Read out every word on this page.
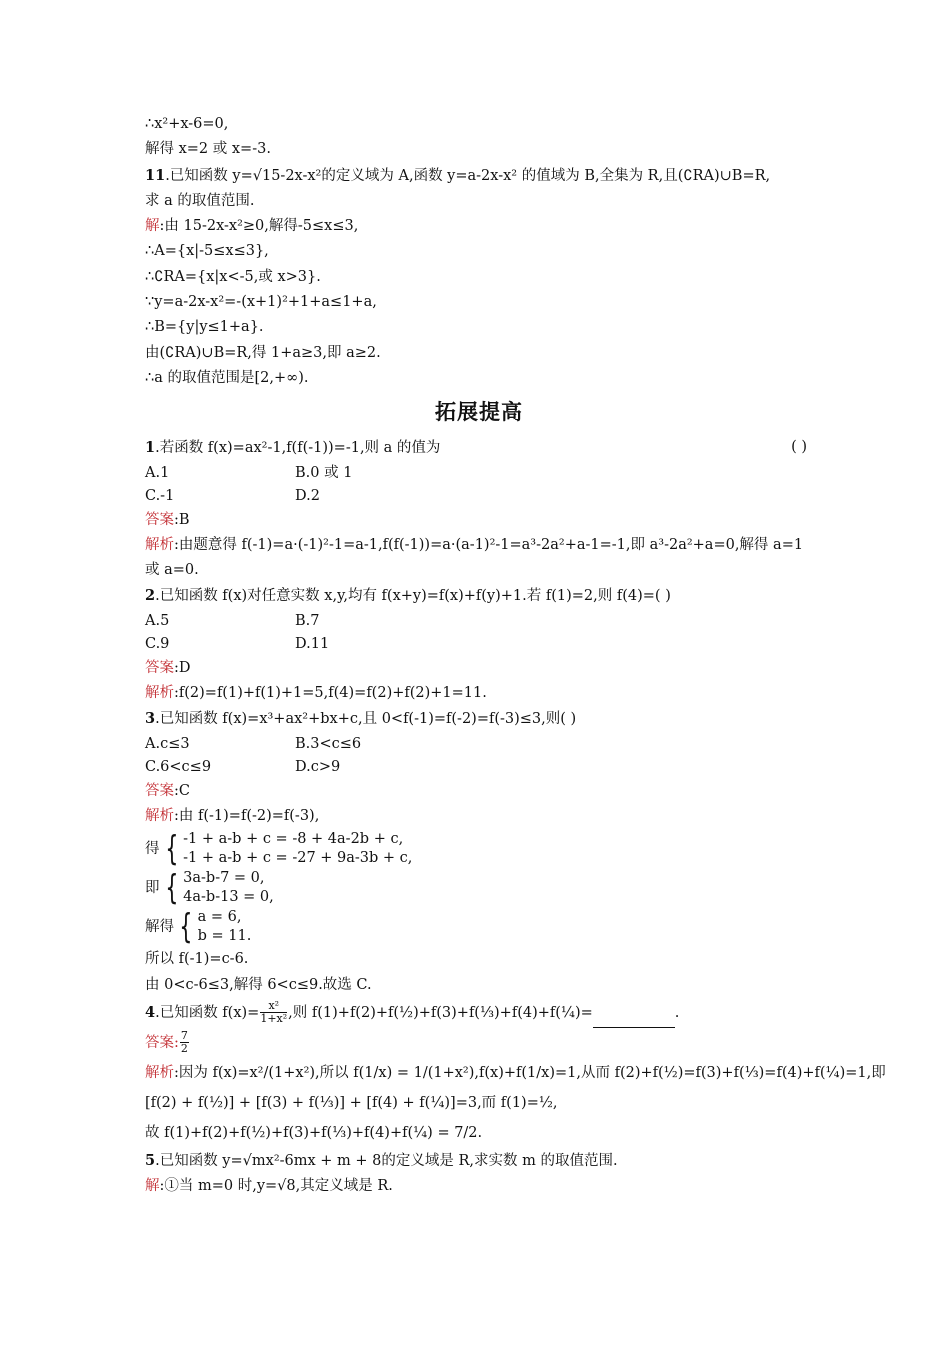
∴x²+x-6=0,
解得 x=2 或 x=-3.
11.已知函数 y=√15-2x-x²的定义域为 A,函数 y=a-2x-x² 的值域为 B,全集为 R,且(∁RA)∪B=R,
求 a 的取值范围.
解:由 15-2x-x²≥0,解得-5≤x≤3,
∴A={x|-5≤x≤3},
∴∁RA={x|x<-5,或 x>3}.
∵y=a-2x-x²=-(x+1)²+1+a≤1+a,
∴B={y|y≤1+a}.
由(∁RA)∪B=R,得 1+a≥3,即 a≥2.
∴a 的取值范围是[2,+∞).
拓展提高
1.若函数 f(x)=ax²-1,f(f(-1))=-1,则 a 的值为	( )
A.1	B.0 或 1
C.-1	D.2
答案:B
解析:由题意得 f(-1)=a·(-1)²-1=a-1,f(f(-1))=a·(a-1)²-1=a³-2a²+a-1=-1,即 a³-2a²+a=0,解得 a=1
或 a=0.
2.已知函数 f(x)对任意实数 x,y,均有 f(x+y)=f(x)+f(y)+1.若 f(1)=2,则 f(4)=( )
A.5	B.7
C.9	D.11
答案:D
解析:f(2)=f(1)+f(1)+1=5,f(4)=f(2)+f(2)+1=11.
3.已知函数 f(x)=x³+ax²+bx+c,且 0<f(-1)=f(-2)=f(-3)≤3,则( )
A.c≤3	B.3<c≤6
C.6<c≤9	D.c>9
答案:C
解析:由 f(-1)=f(-2)=f(-3),
得 { -1 + a-b + c = -8 + 4a-2b + c,
-1 + a-b + c = -27 + 9a-3b + c,
即 { 3a-b-7 = 0,
4a-b-13 = 0,
解得 { a = 6,
b = 11.
所以 f(-1)=c-6.
由 0<c-6≤3,解得 6<c≤9.故选 C.
4.已知函数 $f(x)= \frac{\text{x²}}{\text{1+x²}}$ ,则 f(1)+f(2)+f(½)+f(3)+f(⅓)+f(4)+f(¼)=	.
答案: $\frac{7}{2}$
解析:因为 f(x)=x²/(1+x²),所以 f(1/x) = 1/(1+x²),f(x)+f(1/x)=1,从而 f(2)+f(½)=f(3)+f(⅓)=f(4)+f(¼)=1,即
[f(2) + f(½)] + [f(3) + f(⅓)] + [f(4) + f(¼)]=3,而 f(1)=½,
故 f(1)+f(2)+f(½)+f(3)+f(⅓)+f(4)+f(¼) = 7/2.
5.已知函数 y=√mx²-6mx + m + 8的定义域是 R,求实数 m 的取值范围.
解:①当 m=0 时,y=√8,其定义域是 R.
